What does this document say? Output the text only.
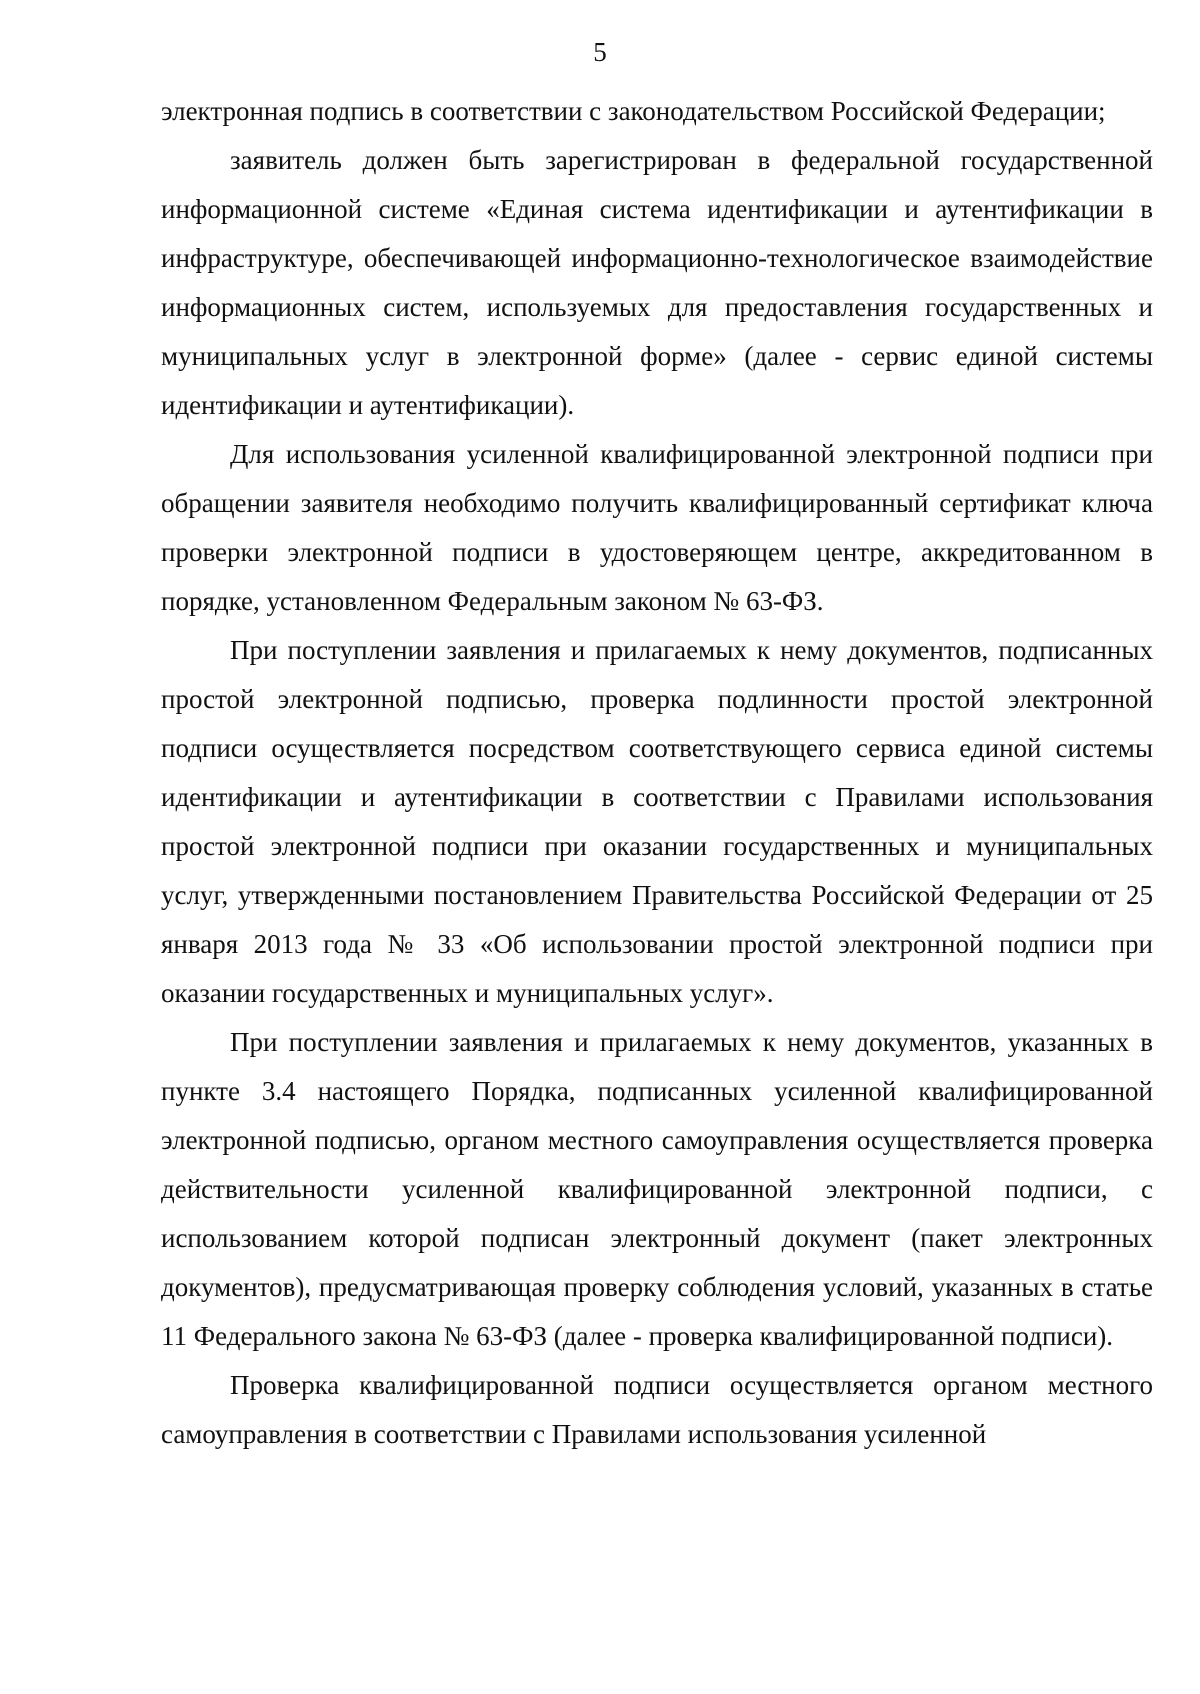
5

электронная подпись в соответствии с законодательством Российской Федерации;

заявитель должен быть зарегистрирован в федеральной государственной информационной системе «Единая система идентификации и аутентификации в инфраструктуре, обеспечивающей информационно-технологическое взаимодействие информационных систем, используемых для предоставления государственных и муниципальных услуг в электронной форме» (далее - сервис единой системы идентификации и аутентификации).

Для использования усиленной квалифицированной электронной подписи при обращении заявителя необходимо получить квалифицированный сертификат ключа проверки электронной подписи в удостоверяющем центре, аккредитованном в порядке, установленном Федеральным законом № 63-ФЗ.

При поступлении заявления и прилагаемых к нему документов, подписанных простой электронной подписью, проверка подлинности простой электронной подписи осуществляется посредством соответствующего сервиса единой системы идентификации и аутентификации в соответствии с Правилами использования простой электронной подписи при оказании государственных и муниципальных услуг, утвержденными постановлением Правительства Российской Федерации от 25 января 2013 года № 33 «Об использовании простой электронной подписи при оказании государственных и муниципальных услуг».

При поступлении заявления и прилагаемых к нему документов, указанных в пункте 3.4 настоящего Порядка, подписанных усиленной квалифицированной электронной подписью, органом местного самоуправления осуществляется проверка действительности усиленной квалифицированной электронной подписи, с использованием которой подписан электронный документ (пакет электронных документов), предусматривающая проверку соблюдения условий, указанных в статье 11 Федерального закона № 63-ФЗ (далее - проверка квалифицированной подписи).

Проверка квалифицированной подписи осуществляется органом местного самоуправления в соответствии с Правилами использования усиленной
